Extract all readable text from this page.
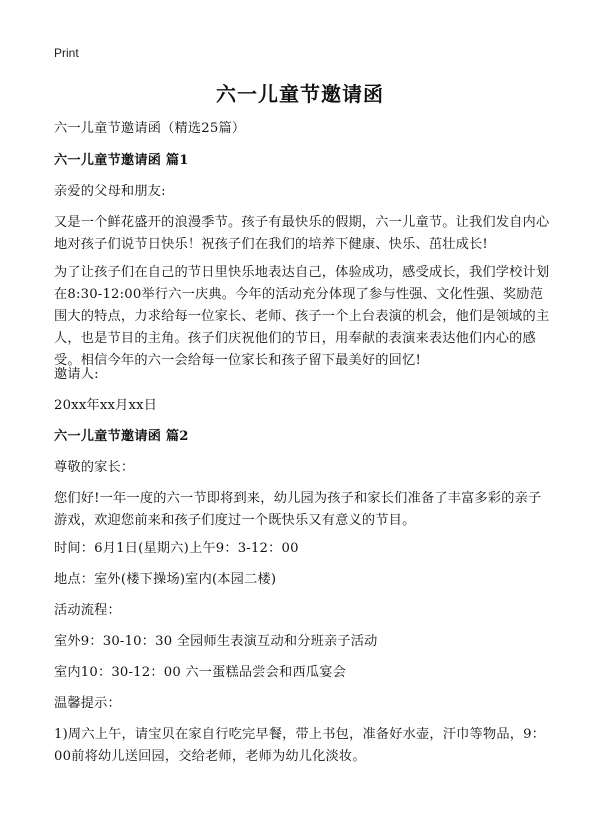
Print
六一儿童节邀请函
六一儿童节邀请函（精选25篇）
六一儿童节邀请函 篇1
亲爱的父母和朋友:
又是一个鲜花盛开的浪漫季节。孩子有最快乐的假期，六一儿童节。让我们发自内心地对孩子们说节日快乐！祝孩子们在我们的培养下健康、快乐、茁壮成长!
为了让孩子们在自己的节日里快乐地表达自己，体验成功，感受成长，我们学校计划在8:30-12:00举行六一庆典。今年的活动充分体现了参与性强、文化性强、奖励范围大的特点，力求给每一位家长、老师、孩子一个上台表演的机会，他们是领域的主人，也是节目的主角。孩子们庆祝他们的节日，用奉献的表演来表达他们内心的感受。相信今年的六一会给每一位家长和孩子留下最美好的回忆!
邀请人:
20xx年xx月xx日
六一儿童节邀请函 篇2
尊敬的家长：
您们好!一年一度的六一节即将到来，幼儿园为孩子和家长们准备了丰富多彩的亲子游戏，欢迎您前来和孩子们度过一个既快乐又有意义的节目。
时间：6月1日(星期六)上午9：3-12：00
地点：室外(楼下操场)室内(本园二楼)
活动流程：
室外9：30-10：30 全园师生表演互动和分班亲子活动
室内10：30-12：00 六一蛋糕品尝会和西瓜宴会
温馨提示：
1)周六上午，请宝贝在家自行吃完早餐，带上书包，准备好水壶，汗巾等物品，9：00前将幼儿送回园，交给老师，老师为幼儿化淡妆。
